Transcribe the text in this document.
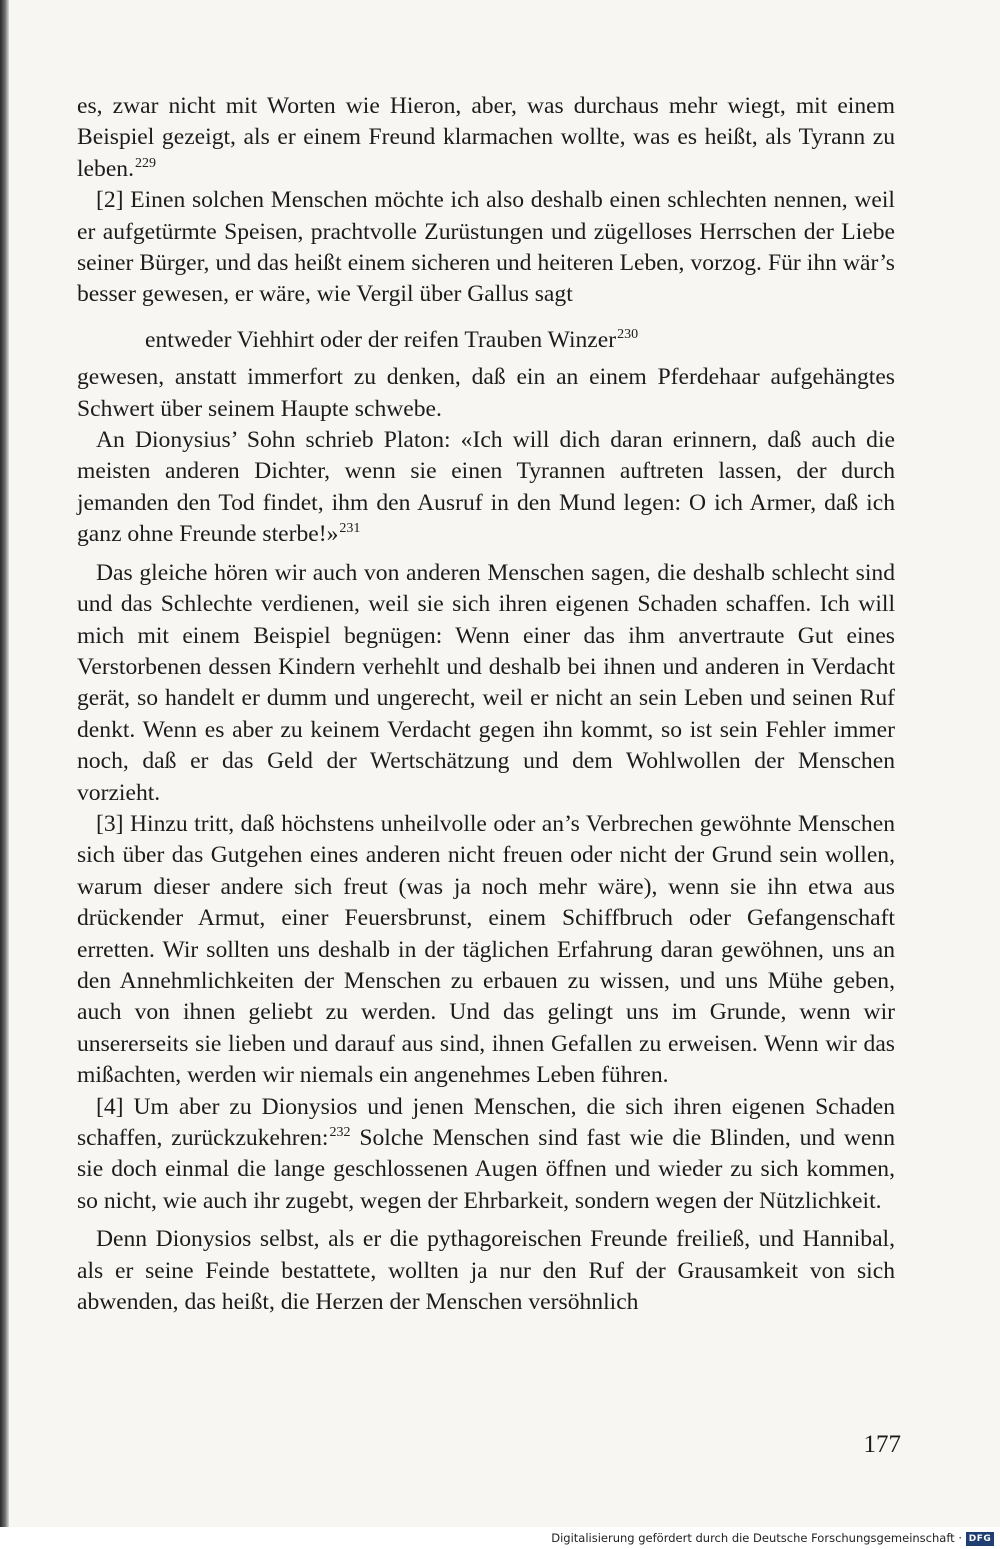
es, zwar nicht mit Worten wie Hieron, aber, was durchaus mehr wiegt, mit einem Beispiel gezeigt, als er einem Freund klarmachen wollte, was es heißt, als Tyrann zu leben.$^{229}$

[2] Einen solchen Menschen möchte ich also deshalb einen schlechten nennen, weil er aufgetürmte Speisen, prachtvolle Zurüstungen und zügelloses Herrschen der Liebe seiner Bürger, und das heißt einem sicheren und heiteren Leben, vorzog. Für ihn wär’s besser gewesen, er wäre, wie Vergil über Gallus sagt

entweder Viehhirt oder der reifen Trauben Winzer$^{230}$

gewesen, anstatt immerfort zu denken, daß ein an einem Pferdehaar aufgehängtes Schwert über seinem Haupte schwebe.

An Dionysius’ Sohn schrieb Platon: «Ich will dich daran erinnern, daß auch die meisten anderen Dichter, wenn sie einen Tyrannen auftreten lassen, der durch jemanden den Tod findet, ihm den Ausruf in den Mund legen: O ich Armer, daß ich ganz ohne Freunde sterbe!»$^{231}$

Das gleiche hören wir auch von anderen Menschen sagen, die deshalb schlecht sind und das Schlechte verdienen, weil sie sich ihren eigenen Schaden schaffen. Ich will mich mit einem Beispiel begnügen: Wenn einer das ihm anvertraute Gut eines Verstorbenen dessen Kindern verhehlt und deshalb bei ihnen und anderen in Verdacht gerät, so handelt er dumm und ungerecht, weil er nicht an sein Leben und seinen Ruf denkt. Wenn es aber zu keinem Verdacht gegen ihn kommt, so ist sein Fehler immer noch, daß er das Geld der Wertschätzung und dem Wohlwollen der Menschen vorzieht.

[3] Hinzu tritt, daß höchstens unheilvolle oder an’s Verbrechen gewöhnte Menschen sich über das Gutgehen eines anderen nicht freuen oder nicht der Grund sein wollen, warum dieser andere sich freut (was ja noch mehr wäre), wenn sie ihn etwa aus drückender Armut, einer Feuersbrunst, einem Schiffbruch oder Gefangenschaft erretten. Wir sollten uns deshalb in der täglichen Erfahrung daran gewöhnen, uns an den Annehmlichkeiten der Menschen zu erbauen zu wissen, und uns Mühe geben, auch von ihnen geliebt zu werden. Und das gelingt uns im Grunde, wenn wir unsererseits sie lieben und darauf aus sind, ihnen Gefallen zu erweisen. Wenn wir das mißachten, werden wir niemals ein angenehmes Leben führen.

[4] Um aber zu Dionysios und jenen Menschen, die sich ihren eigenen Schaden schaffen, zurückzukehren:$^{232}$ Solche Menschen sind fast wie die Blinden, und wenn sie doch einmal die lange geschlossenen Augen öffnen und wieder zu sich kommen, so nicht, wie auch ihr zugebt, wegen der Ehrbarkeit, sondern wegen der Nützlichkeit.

Denn Dionysios selbst, als er die pythagoreischen Freunde freiließ, und Hannibal, als er seine Feinde bestattete, wollten ja nur den Ruf der Grausamkeit von sich abwenden, das heißt, die Herzen der Menschen versöhnlich

177
Digitalisierung gefördert durch die Deutsche Forschungsgemeinschaft · DFG
